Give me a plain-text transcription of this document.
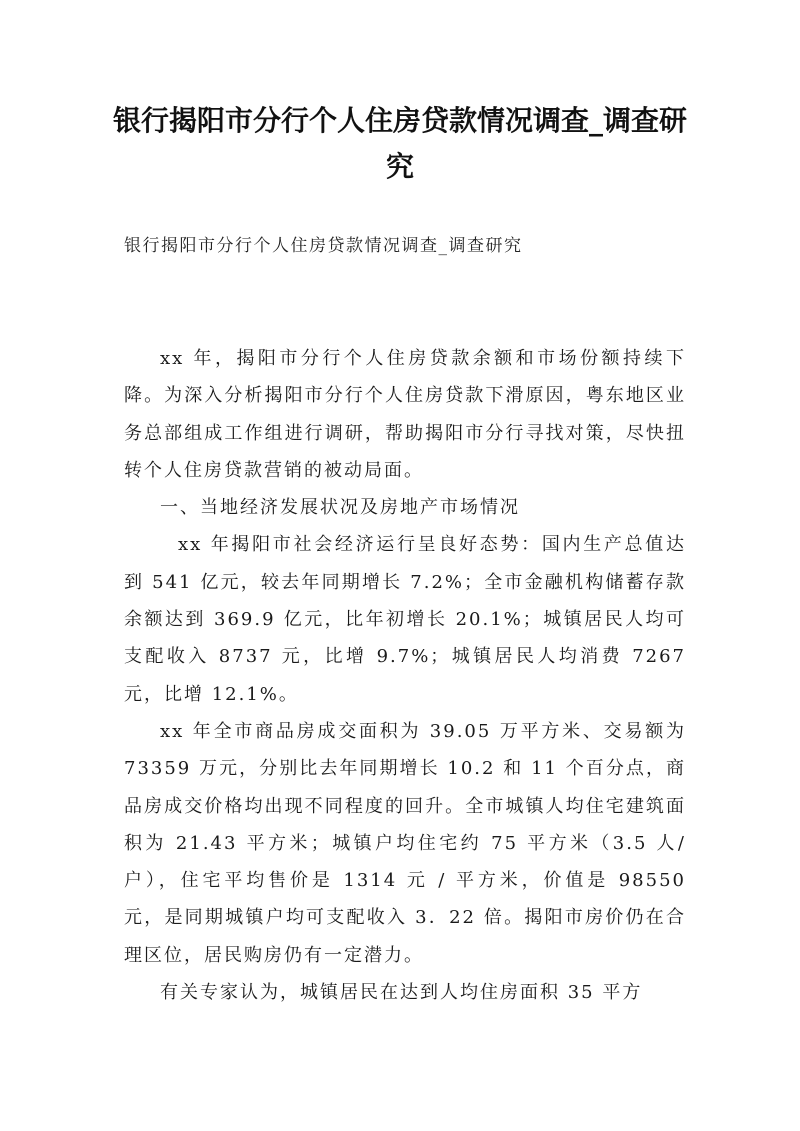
银行揭阳市分行个人住房贷款情况调查_调查研究

银行揭阳市分行个人住房贷款情况调查_调查研究

xx 年，揭阳市分行个人住房贷款余额和市场份额持续下降。为深入分析揭阳市分行个人住房贷款下滑原因，粤东地区业务总部组成工作组进行调研，帮助揭阳市分行寻找对策，尽快扭转个人住房贷款营销的被动局面。

一、当地经济发展状况及房地产市场情况

xx 年揭阳市社会经济运行呈良好态势：国内生产总值达到 541 亿元，较去年同期增长 7.2%；全市金融机构储蓄存款余额达到 369.9 亿元，比年初增长 20.1%；城镇居民人均可支配收入 8737 元，比增 9.7%；城镇居民人均消费 7267 元，比增 12.1%。

xx 年全市商品房成交面积为 39.05 万平方米、交易额为 73359 万元，分别比去年同期增长 10.2 和 11 个百分点，商品房成交价格均出现不同程度的回升。全市城镇人均住宅建筑面积为 21.43 平方米；城镇户均住宅约 75 平方米（3.5 人/户），住宅平均售价是 1314 元 / 平方米，价值是 98550 元，是同期城镇户均可支配收入 3．22 倍。揭阳市房价仍在合理区位，居民购房仍有一定潜力。

有关专家认为，城镇居民在达到人均住房面积 35 平方
